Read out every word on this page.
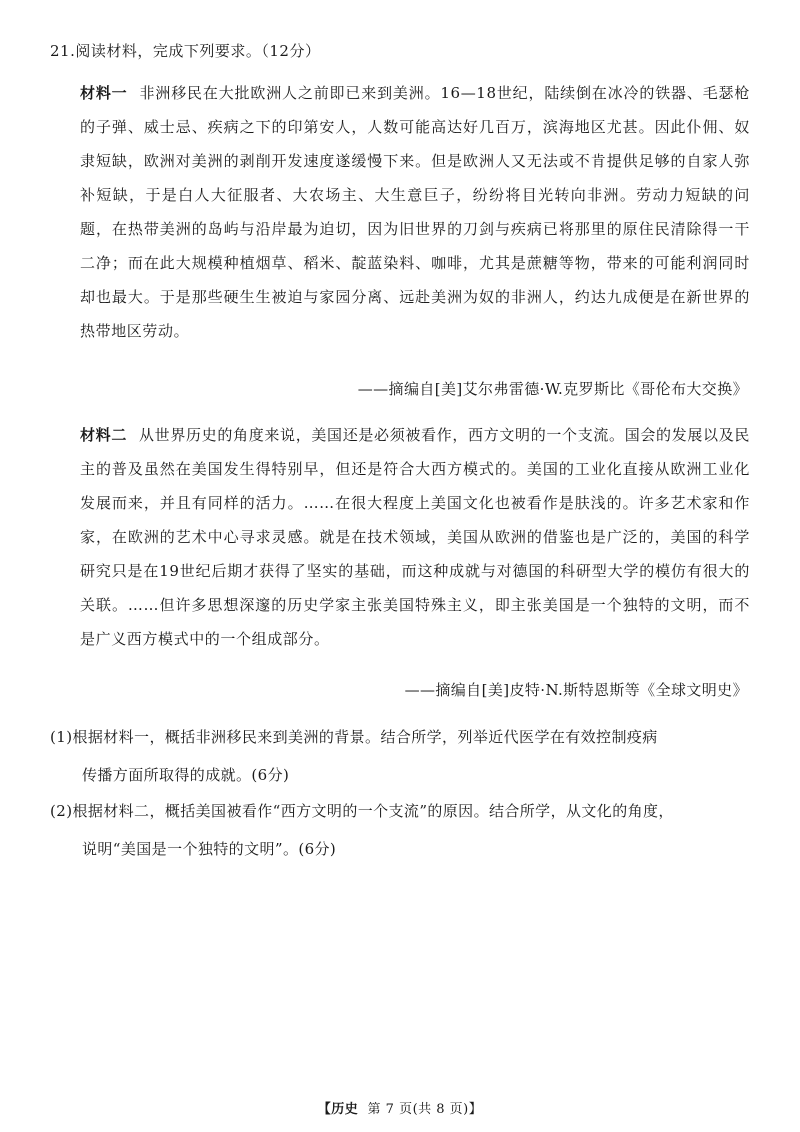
21.阅读材料，完成下列要求。（12分）
材料一 非洲移民在大批欧洲人之前即已来到美洲。16—18世纪，陆续倒在冰冷的铁器、毛瑟枪的子弹、威士忌、疾病之下的印第安人，人数可能高达好几百万，滨海地区尤甚。因此仆佣、奴隶短缺，欧洲对美洲的剥削开发速度遂缓慢下来。但是欧洲人又无法或不肯提供足够的自家人弥补短缺，于是白人大征服者、大农场主、大生意巨子，纷纷将目光转向非洲。劳动力短缺的问题，在热带美洲的岛屿与沿岸最为迫切，因为旧世界的刀剑与疾病已将那里的原住民清除得一干二净；而在此大规模种植烟草、稻米、靛蓝染料、咖啡，尤其是蔗糖等物，带来的可能利润同时却也最大。于是那些硬生生被迫与家园分离、远赴美洲为奴的非洲人，约达九成便是在新世界的热带地区劳动。
——摘编自[美]艾尔弗雷德·W.克罗斯比《哥伦布大交换》
材料二 从世界历史的角度来说，美国还是必须被看作，西方文明的一个支流。国会的发展以及民主的普及虽然在美国发生得特别早，但还是符合大西方模式的。美国的工业化直接从欧洲工业化发展而来，并且有同样的活力。……在很大程度上美国文化也被看作是肤浅的。许多艺术家和作家，在欧洲的艺术中心寻求灵感。就是在技术领域，美国从欧洲的借鉴也是广泛的，美国的科学研究只是在19世纪后期才获得了坚实的基础，而这种成就与对德国的科研型大学的模仿有很大的关联。……但许多思想深邃的历史学家主张美国特殊主义，即主张美国是一个独特的文明，而不是广义西方模式中的一个组成部分。
——摘编自[美]皮特·N.斯特恩斯等《全球文明史》
(1)根据材料一，概括非洲移民来到美洲的背景。结合所学，列举近代医学在有效控制疫病
传播方面所取得的成就。(6分)
(2)根据材料二，概括美国被看作“西方文明的一个支流”的原因。结合所学，从文化的角度，
说明“美国是一个独特的文明”。(6分)
【历史 第 7 页(共 8 页)】
